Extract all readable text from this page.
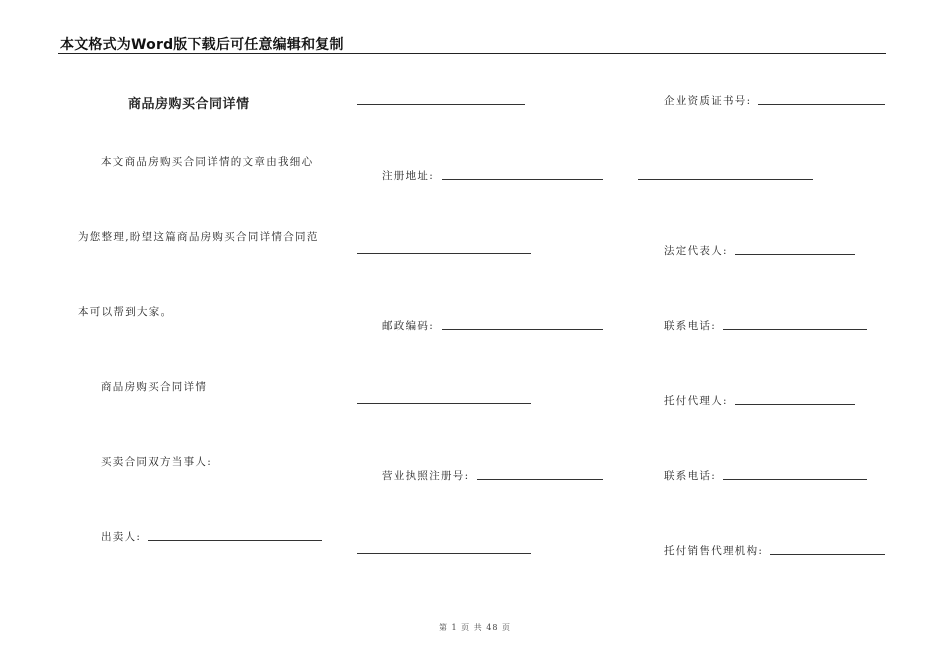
本文格式为Word版下载后可任意编辑和复制
商品房购买合同详情
本文商品房购买合同详情的文章由我细心
为您整理,盼望这篇商品房购买合同详情合同范
本可以帮到大家。
商品房购买合同详情
买卖合同双方当事人:
出卖人:
注册地址:
邮政编码:
营业执照注册号:
企业资质证书号:
法定代表人:
联系电话:
托付代理人:
联系电话:
托付销售代理机构:
第 1 页 共 48 页
